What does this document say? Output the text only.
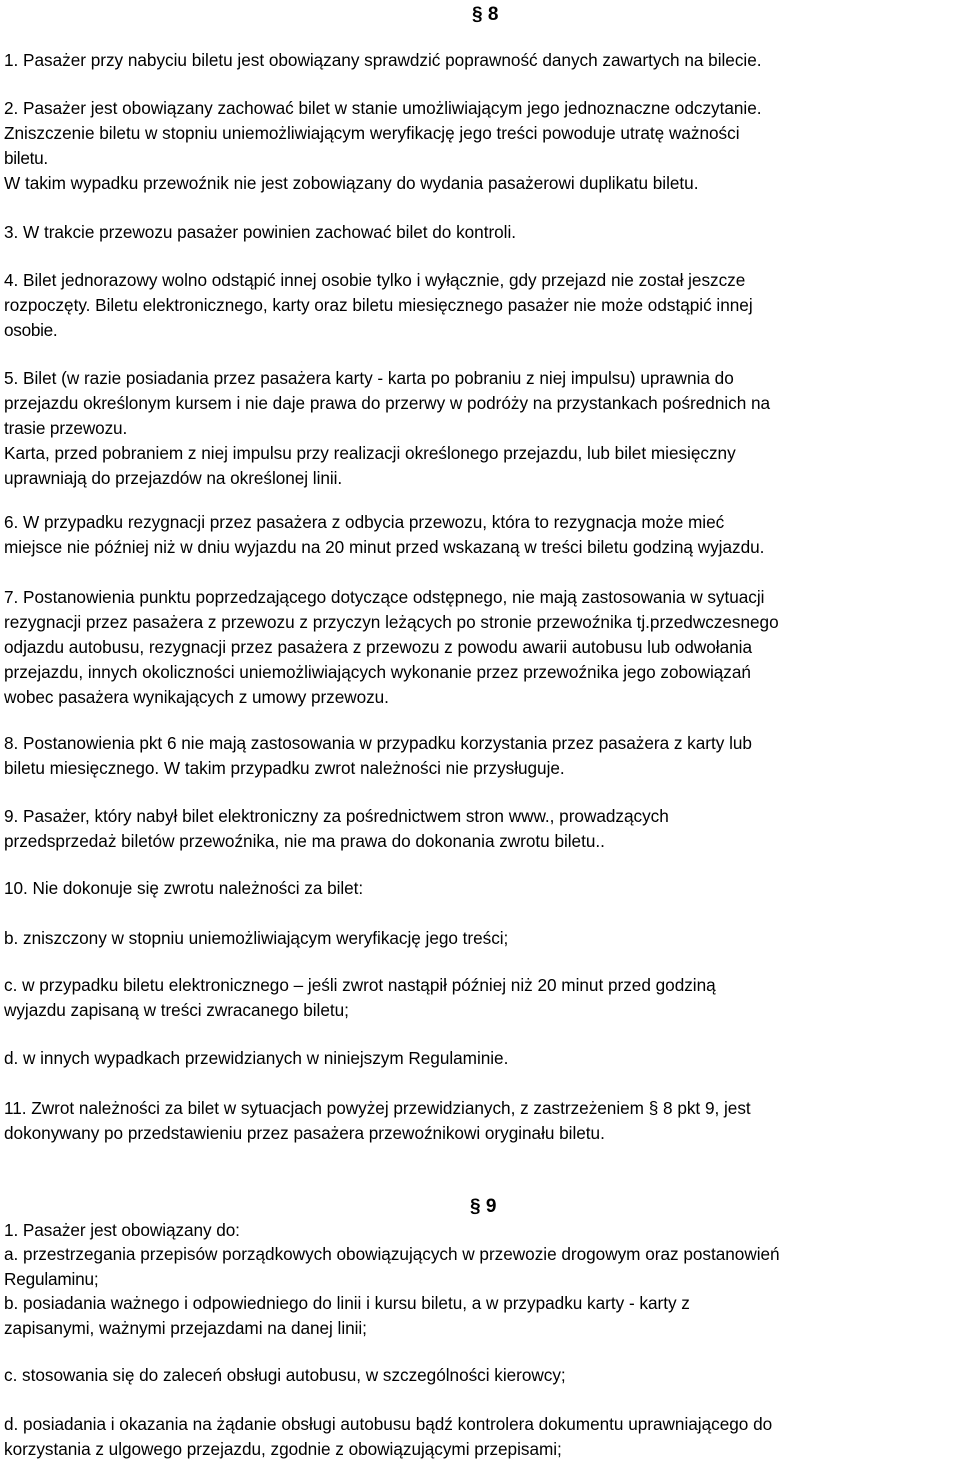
§ 8

1. Pasażer przy nabyciu biletu jest obowiązany sprawdzić poprawność danych zawartych na bilecie.

2. Pasażer jest obowiązany zachować bilet w stanie umożliwiającym jego jednoznaczne odczytanie.
Zniszczenie biletu w stopniu uniemożliwiającym weryfikację jego treści powoduje utratę ważności
biletu.
W takim wypadku przewoźnik nie jest zobowiązany do wydania pasażerowi duplikatu biletu.

3. W trakcie przewozu pasażer powinien zachować bilet do kontroli.

4. Bilet jednorazowy wolno odstąpić innej osobie tylko i wyłącznie, gdy przejazd nie został jeszcze
rozpoczęty. Biletu elektronicznego, karty oraz biletu miesięcznego pasażer nie może odstąpić innej
osobie.

5. Bilet (w razie posiadania przez pasażera karty - karta po pobraniu z niej impulsu) uprawnia do
przejazdu określonym kursem i nie daje prawa do przerwy w podróży na przystankach pośrednich na
trasie przewozu.
Karta, przed pobraniem z niej impulsu przy realizacji określonego przejazdu, lub bilet miesięczny
uprawniają do przejazdów na określonej linii.

6. W przypadku rezygnacji przez pasażera z odbycia przewozu, która to rezygnacja może mieć
miejsce nie później niż w dniu wyjazdu na 20 minut przed wskazaną w treści biletu godziną wyjazdu.

7. Postanowienia punktu poprzedzającego dotyczące odstępnego, nie mają zastosowania w sytuacji
rezygnacji przez pasażera z przewozu z przyczyn leżących po stronie przewoźnika tj.przedwczesnego
odjazdu autobusu, rezygnacji przez pasażera z przewozu z powodu awarii autobusu lub odwołania
przejazdu, innych okoliczności uniemożliwiających wykonanie przez przewoźnika jego zobowiązań
wobec pasażera wynikających z umowy przewozu.

8. Postanowienia pkt 6 nie mają zastosowania w przypadku korzystania przez pasażera z karty lub
biletu miesięcznego. W takim przypadku zwrot należności nie przysługuje.

9. Pasażer, który nabył bilet elektroniczny za pośrednictwem stron www., prowadzących
przedsprzedaż biletów przewoźnika, nie ma prawa do dokonania zwrotu biletu..

10. Nie dokonuje się zwrotu należności za bilet:

b. zniszczony w stopniu uniemożliwiającym weryfikację jego treści;

c. w przypadku biletu elektronicznego – jeśli zwrot nastąpił później niż 20 minut przed godziną
wyjazdu zapisaną w treści zwracanego biletu;

d. w innych wypadkach przewidzianych w niniejszym Regulaminie.

11. Zwrot należności za bilet w sytuacjach powyżej przewidzianych, z zastrzeżeniem § 8 pkt 9, jest
dokonywany po przedstawieniu przez pasażera przewoźnikowi oryginału biletu.

§ 9

1. Pasażer jest obowiązany do:

a. przestrzegania przepisów porządkowych obowiązujących w przewozie drogowym oraz postanowień
Regulaminu;

b. posiadania ważnego i odpowiedniego do linii i kursu biletu, a w przypadku karty - karty z
zapisanymi, ważnymi przejazdami na danej linii;

c. stosowania się do zaleceń obsługi autobusu, w szczególności kierowcy;

d. posiadania i okazania na żądanie obsługi autobusu bądź kontrolera dokumentu uprawniającego do
korzystania z ulgowego przejazdu, zgodnie z obowiązującymi przepisami;
